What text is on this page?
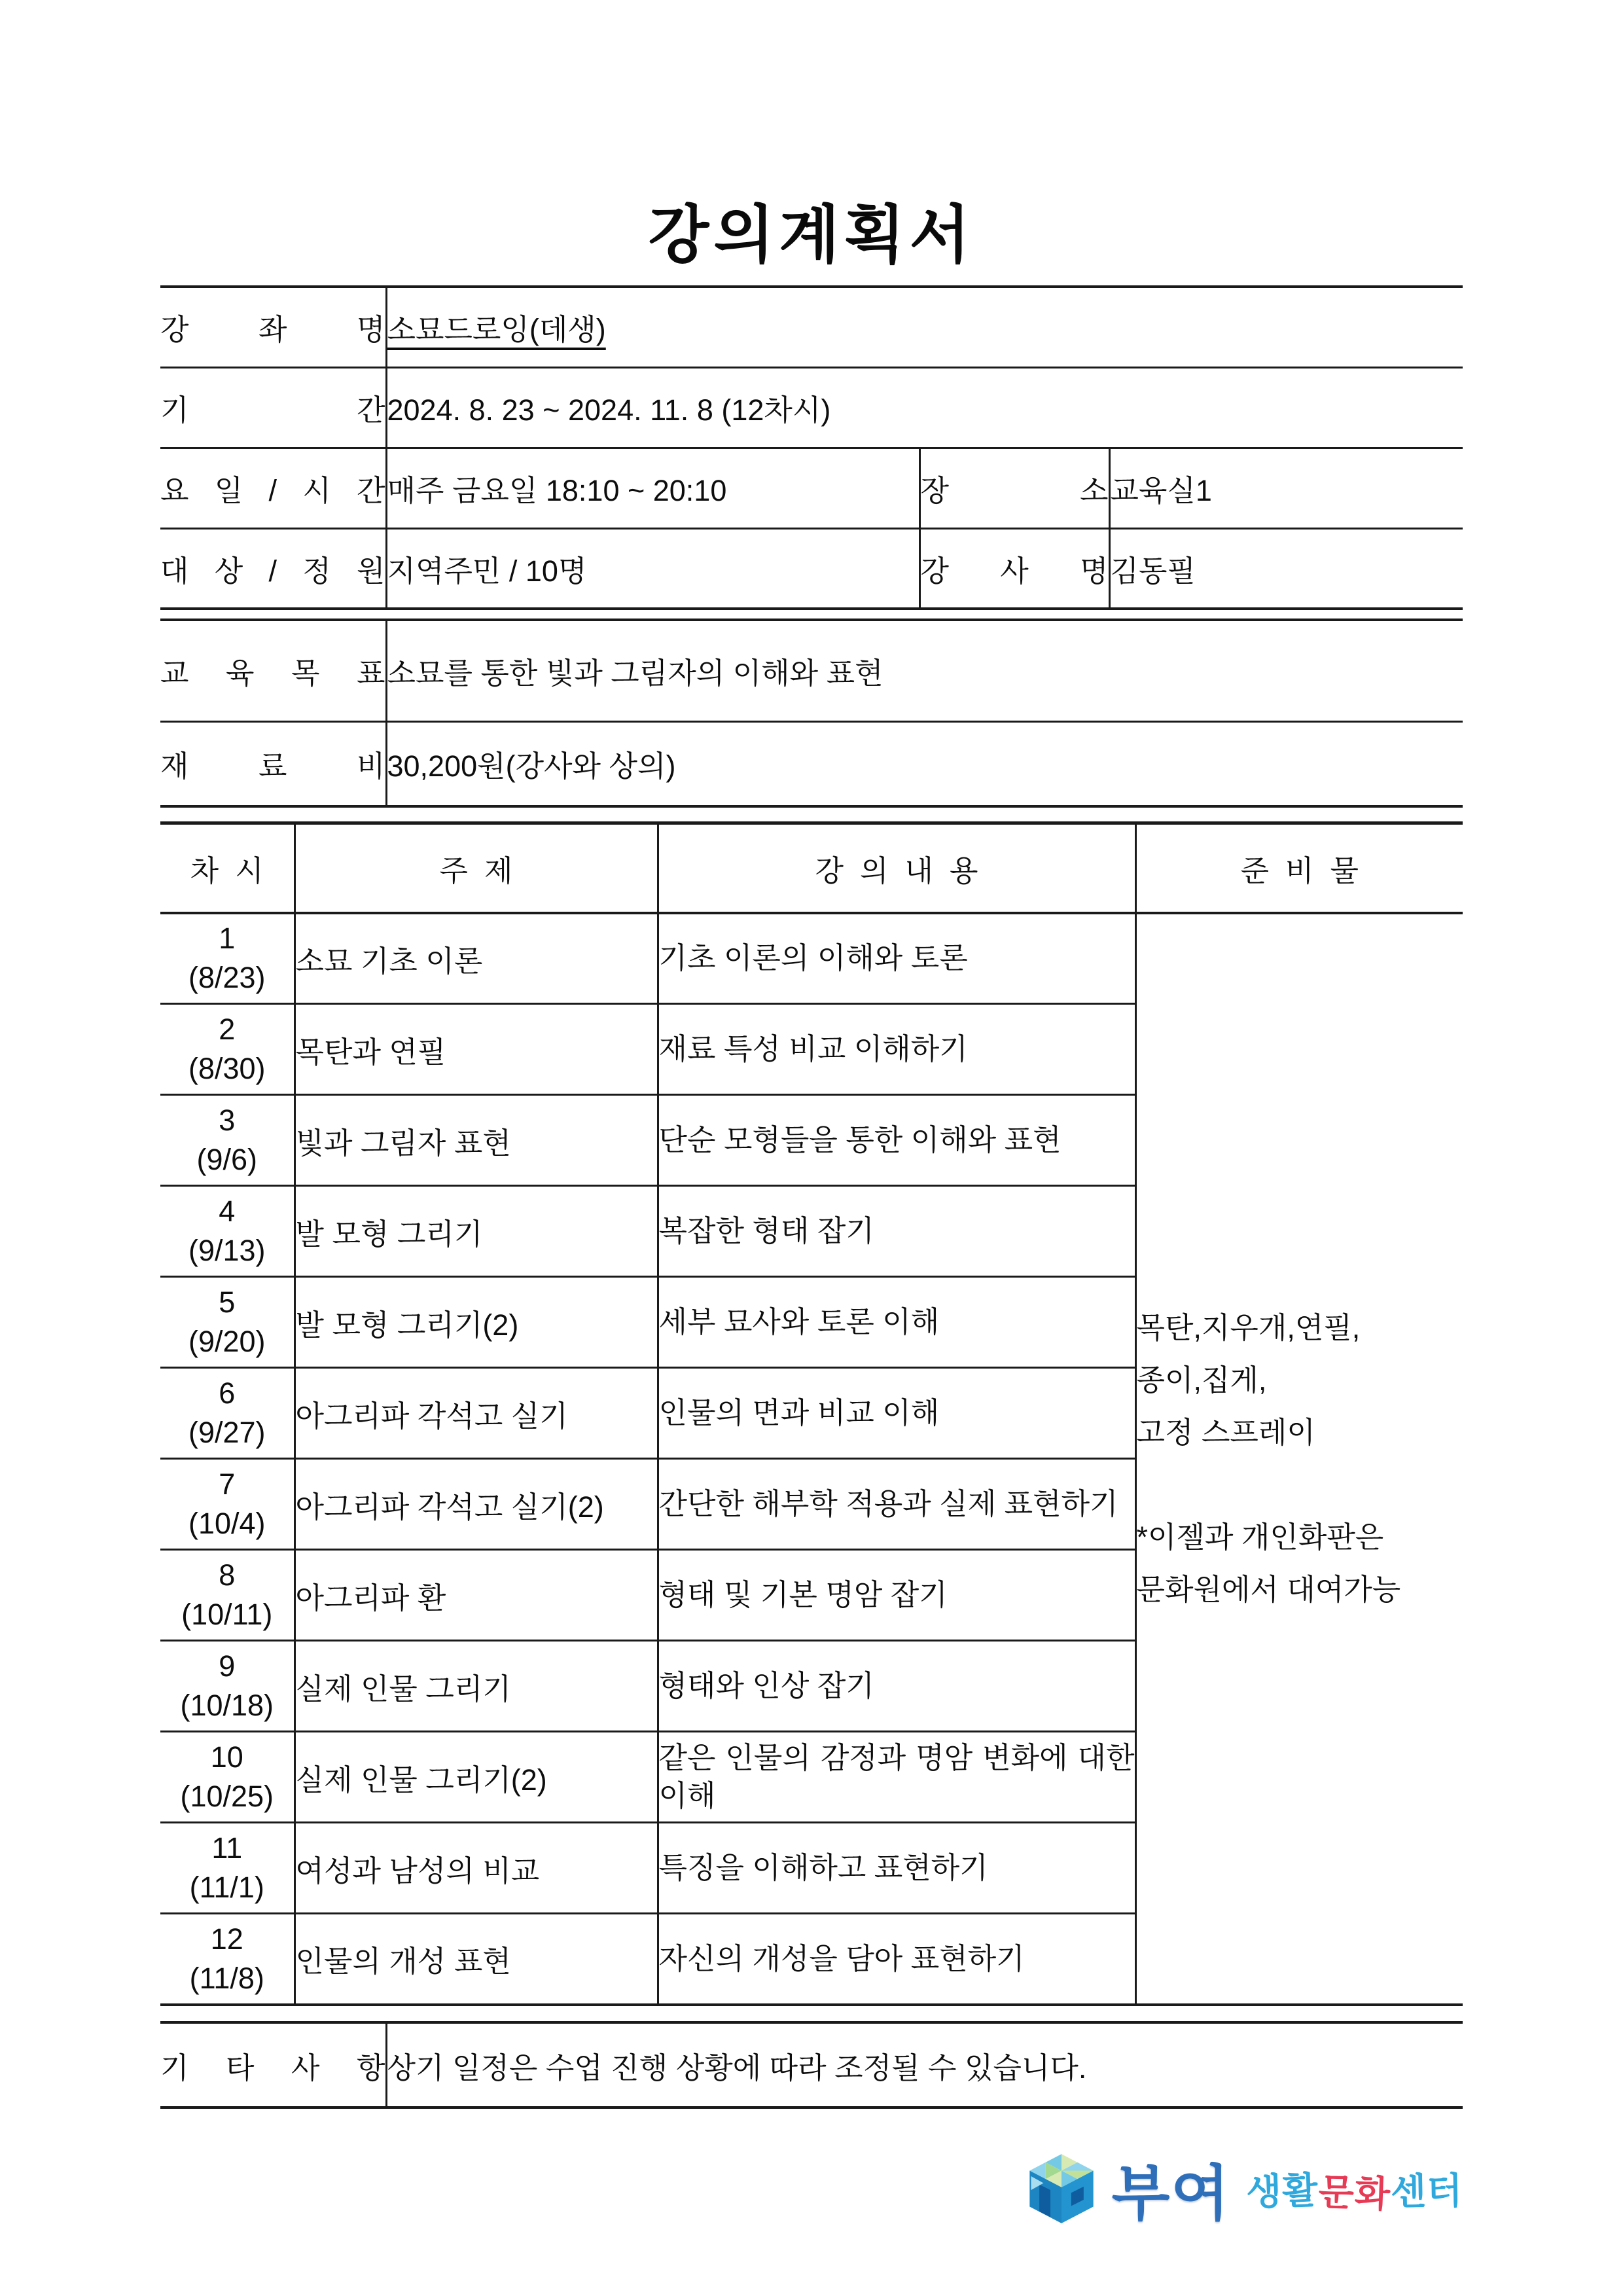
강의계획서
강 좌 명	소묘드로잉(데생)		
기 간	2024. 8. 23 ~ 2024. 11. 8 (12차시)		
요 일 / 시 간	매주 금요일 18:10 ~ 20:10	장 소	교육실1
대 상 / 정 원	지역주민 / 10명	강 사 명	김동필
교 육 목 표	소묘를 통한 빛과 그림자의 이해와 표현
재 료 비	30,200원(강사와 상의)
차  시	주  제	강  의  내  용	준  비  물

1
(8/23)	소묘 기초 이론	기초 이론의 이해와 토론	
목탄,지우개,연필,
종이,집게,
고정 스프레이
*이젤과 개인화판은
문화원에서 대여가능

2
(8/30)	목탄과 연필	재료 특성 비교 이해하기	

3
(9/6)	빛과 그림자 표현	단순 모형들을 통한 이해와 표현	

4
(9/13)	발 모형 그리기	복잡한 형태 잡기	

5
(9/20)	발 모형 그리기(2)	세부 묘사와 토론 이해	

6
(9/27)	아그리파 각석고 실기	인물의 면과 비교 이해	

7
(10/4)	아그리파 각석고 실기(2)	간단한 해부학 적용과 실제 표현하기	

8
(10/11)	아그리파 환	형태 및 기본 명암 잡기	

9
(10/18)	실제 인물 그리기	형태와 인상 잡기	

10
(10/25)	실제 인물 그리기(2)	같은 인물의 감정과 명암 변화에 대한 이해	

11
(11/1)	여성과 남성의 비교	특징을 이해하고 표현하기	

12
(11/8)	인물의 개성 표현	자신의 개성을 담아 표현하기	
기 타 사 항	상기 일정은 수업 진행 상황에 따라 조정될 수 있습니다.
부여 생활
문화
센터
